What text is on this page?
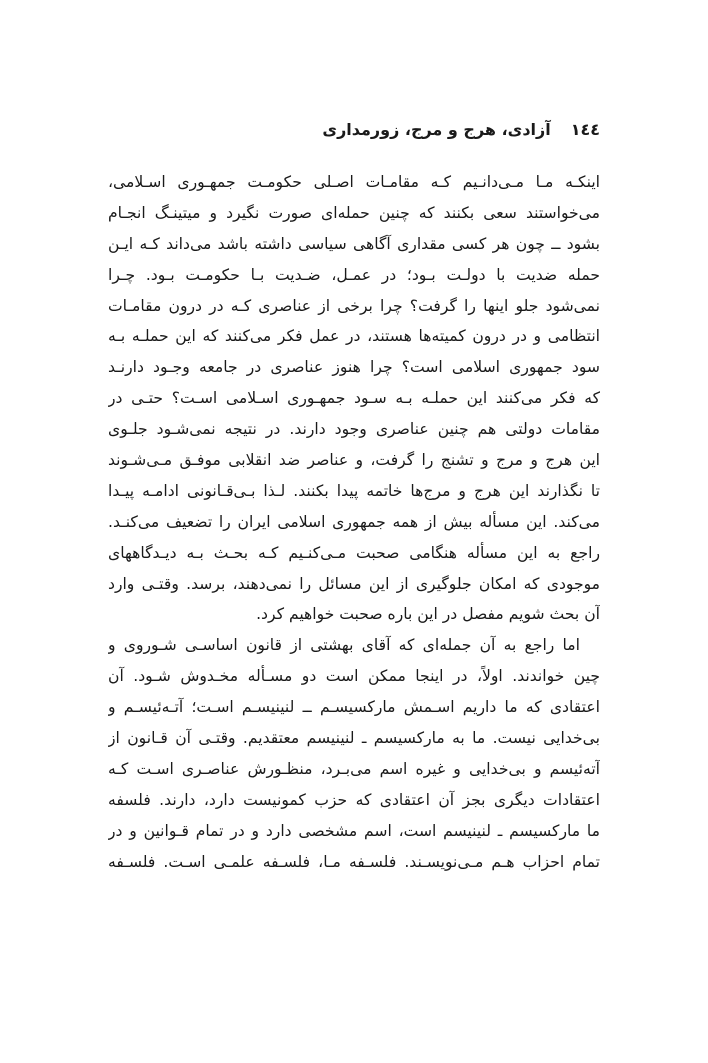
١٤٤آزادی، هرج و مرج، زورمداری
اینکـه مـا مـی‌دانـیم کـه مقامـات اصـلی حکومـت جمهـوری اسـلامی،
می‌خواستند سعی بکنند که چنین حمله‌ای صورت نگیرد و میتینـگ انجـام
بشود ــ چون هر کسی مقداری آگاهی سیاسی داشته باشد می‌داند کـه ایـن
حمله ضدیت با دولـت بـود؛ در عمـل، ضـدیت بـا حکومـت بـود. چـرا
نمی‌شود جلو اینها را گرفت؟ چرا برخی از عناصری کـه در درون مقامـات
انتظامی و در درون کمیته‌ها هستند، در عمل فکر می‌کنند که این حملـه بـه
سود جمهوری اسلامی است؟ چرا هنوز عناصری در جامعه وجـود دارنـد
که فکر می‌کنند این حملـه بـه سـود جمهـوری اسـلامی اسـت؟ حتـی در
مقامات دولتی هم چنین عناصری وجود دارند. در نتیجه نمی‌شـود جلـوی
این هرج و مرج و تشنج را گرفت، و عناصر ضد انقلابی موفـق مـی‌شـوند
تا نگذارند این هرج و مرج‌ها خاتمه پیدا بکنند. لـذا بـی‌قـانونی ادامـه پیـدا
می‌کند. این مسأله بیش از همه جمهوری اسلامی ایران را تضعیف می‌کنـد.
راجع به این مسأله هنگامی صحبت مـی‌کنـیم کـه بحـث بـه دیـدگاههای
موجودی که امکان جلوگیری از این مسائل را نمی‌دهند، برسد. وقتـی وارد
آن بحث شویم مفصل در این باره صحبت خواهیم کرد.
اما راجع به آن جمله‌ای که آقای بهشتی از قانون اساسـی شـوروی و
چین خواندند. اولاً، در اینجا ممکن است دو مسـأله مخـدوش شـود. آن
اعتقادی که ما داریم اسـمش مارکسیسـم ــ لنینیسـم اسـت؛ آتـه‌ئیسـم و
بی‌خدایی نیست. ما به مارکسیسم ـ لنینیسم معتقدیم. وقتـی آن قـانون از
آته‌ئیسم و بی‌خدایی و غیره اسم می‌بـرد، منظـورش عناصـری اسـت کـه
اعتقادات دیگری بجز آن اعتقادی که حزب کمونیست دارد، دارند. فلسفه
ما مارکسیسم ـ لنینیسم است، اسم مشخصی دارد و در تمام قـوانین و در
تمام احزاب هـم مـی‌نویسـند. فلسـفه مـا، فلسـفه علمـی اسـت. فلسـفه
